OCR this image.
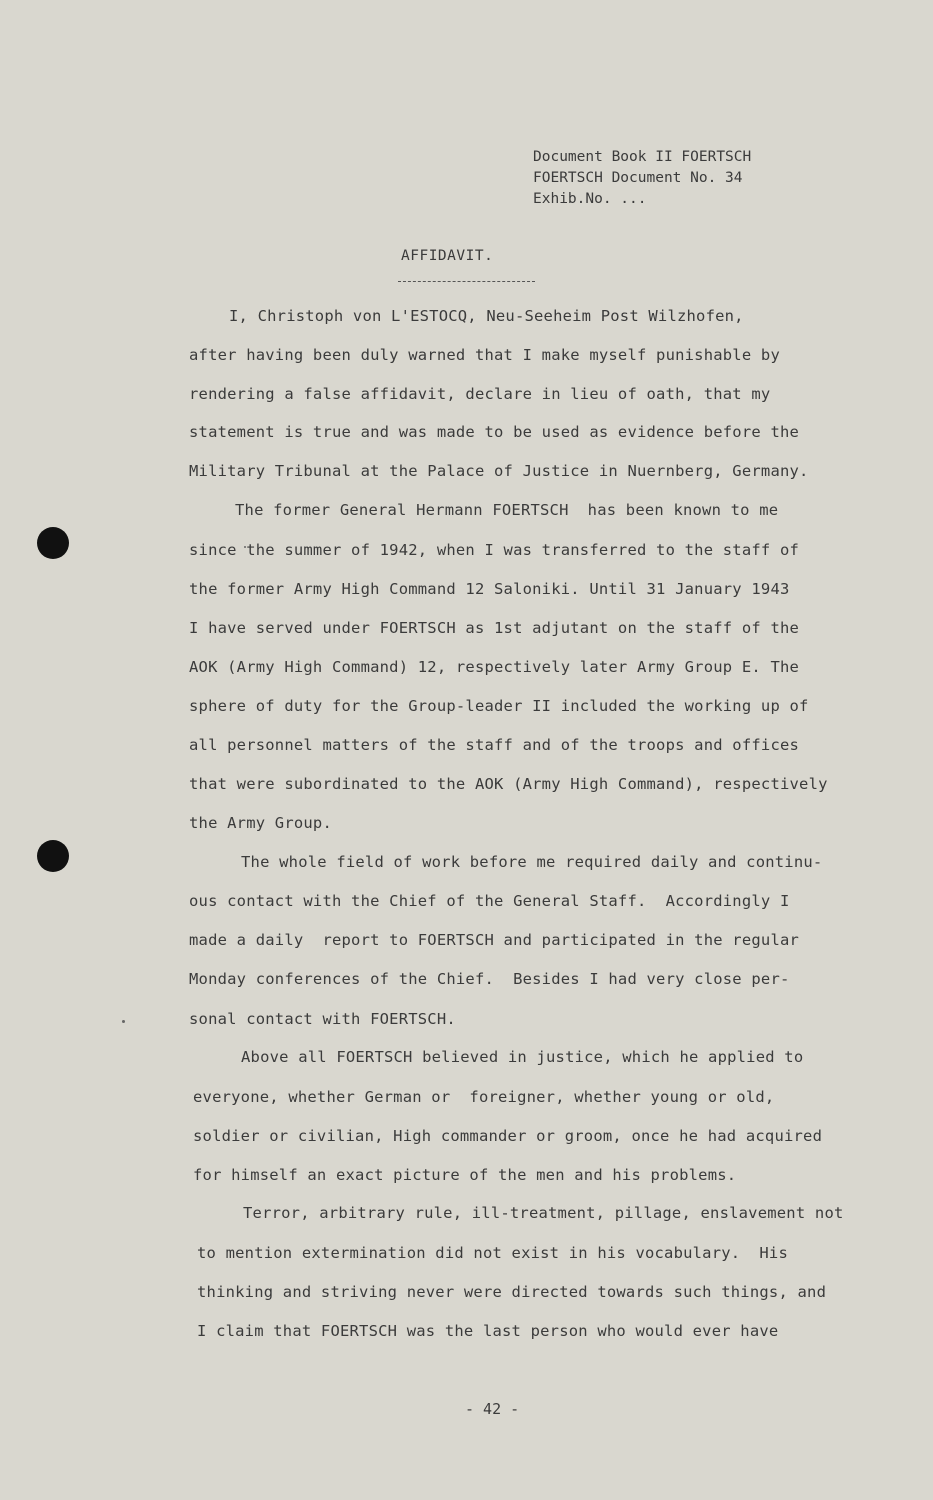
Document Book II FOERTSCH
FOERTSCH Document No. 34
Exhib.No. ...
AFFIDAVIT.
I, Christoph von L'ESTOCQ, Neu-Seeheim Post Wilzhofen,
after having been duly warned that I make myself punishable by
rendering a false affidavit, declare in lieu of oath, that my
statement is true and was made to be used as evidence before the
Military Tribunal at the Palace of Justice in Nuernberg, Germany.
The former General Hermann FOERTSCH  has been known to me
since the summer of 1942, when I was transferred to the staff of
the former Army High Command 12 Saloniki. Until 31 January 1943
I have served under FOERTSCH as 1st adjutant on the staff of the
AOK (Army High Command) 12, respectively later Army Group E. The
sphere of duty for the Group-leader II included the working up of
all personnel matters of the staff and of the troops and offices
that were subordinated to the AOK (Army High Command), respectively
the Army Group.
The whole field of work before me required daily and continu-
ous contact with the Chief of the General Staff.  Accordingly I
made a daily  report to FOERTSCH and participated in the regular
Monday conferences of the Chief.  Besides I had very close per-
sonal contact with FOERTSCH.
Above all FOERTSCH believed in justice, which he applied to
everyone, whether German or  foreigner, whether young or old,
soldier or civilian, High commander or groom, once he had acquired
for himself an exact picture of the men and his problems.
Terror, arbitrary rule, ill-treatment, pillage, enslavement not
to mention extermination did not exist in his vocabulary.  His
thinking and striving never were directed towards such things, and
I claim that FOERTSCH was the last person who would ever have
- 42 -
